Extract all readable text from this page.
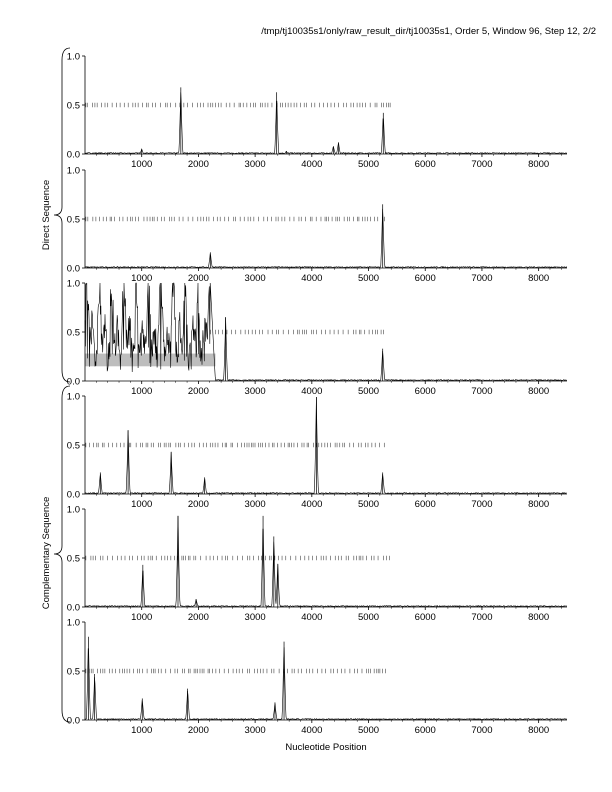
/tmp/tj10035s1/only/raw_result_dir/tj10035s1, Order 5, Window 96, Step 12, 2/2
0.0
0.5
1.0
1000	2000	3000	4000	5000	6000	7000	8000
0.0
0.5
1.0
1000	2000	3000	4000	5000	6000	7000	8000
0.0
0.5
1.0
1000	2000	3000	4000	5000	6000	7000	8000
0.0
0.5
1.0
1000	2000	3000	4000	5000	6000	7000	8000
0.0
0.5
1.0
1000	2000	3000	4000	5000	6000	7000	8000
0.0
0.5
1.0
1000	2000	3000	4000	5000	6000	7000	8000
Direct Sequence
Complementary Sequence
Nucleotide Position
